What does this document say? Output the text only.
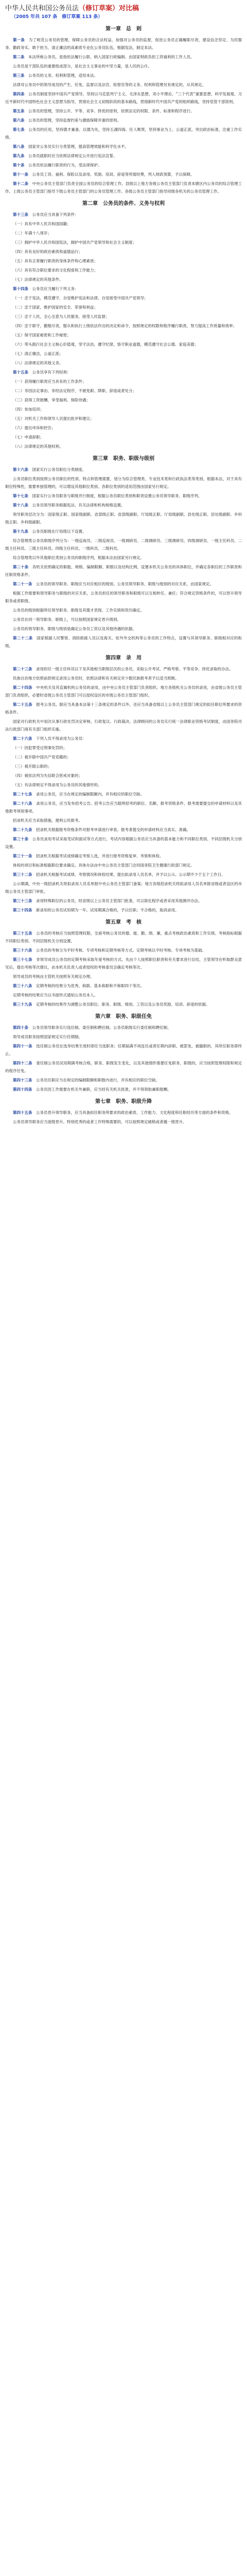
中华人民共和国公务员法（修订草案）对比稿
（2005 年共 107 条　修订草案 113 条）
第一章　总　则
第一条　为了规范公务员的管理，保障公务员的合法权益，加强对公务员的监督，促进公务员正确履职尽责，建设信念坚定、为民服务、勤政务实、敢于担当、清正廉洁的高素质专业化公务员队伍，根据宪法，制定本法。
第二条　本法所称公务员，是指依法履行公职、纳入国家行政编制、由国家财政负担工资福利的工作人员。
公务员是干部队伍的重要组成部分，是社会主义事业的中坚力量，是人民的公仆。
第三条　公务员的义务、权利和管理，适用本法。
法律对公务员中的领导成员的产生、任免、监督以及法官、检察官等的义务、权利和管理另有规定的，从其规定。
第四条　公务员制度坚持中国共产党领导，坚持以马克思列宁主义、毛泽东思想、邓小平理论、“三个代表”重要思想、科学发展观、习近平新时代中国特色社会主义思想为指导，贯彻社会主义初级阶段的基本路线，贯彻新时代中国共产党的组织路线，坚持党管干部原则。
第五条　公务员的管理，坚持公开、平等、竞争、择优的原则，依照法定的权限、条件、标准和程序进行。
第六条　公务员的管理，坚持监督约束与激励保障并重的原则。
第七条　公务员的任用，坚持德才兼备、以德为先，坚持五湖四海、任人唯贤，坚持事业为上、公道正派，突出政治标准，注重工作实绩。
第八条　国家对公务员实行分类管理，提高管理效能和科学化水平。
第九条　公务员就职时应当依照法律规定公开进行宪法宣誓。
第十条　公务员依法履行职责的行为，受法律保护。
第十一条　公务员工资、福利、保险以及录用、奖励、培训、辞退等所需经费，列入财政预算，予以保障。
第十二条　中央公务员主管部门负责全国公务员的综合管理工作。县级以上地方各级公务员主管部门负责本辖区内公务员的综合管理工作。上级公务员主管部门指导下级公务员主管部门的公务员管理工作。各级公务员主管部门指导同级各机关的公务员管理工作。
第二章　公务员的条件、义务与权利
第十三条　公务员应当具备下列条件：
（一）具有中华人民共和国国籍；
（二）年满十八周岁；
（三）拥护中华人民共和国宪法，拥护中国共产党领导和社会主义制度；
（四）具有良好的政治素质和道德品行；
（五）具有正常履行职责的身体条件和心理素质；
（六）具有符合职位要求的文化程度和工作能力；
（七）法律规定的其他条件。
第十四条　公务员应当履行下列义务：
（一）忠于宪法，模范遵守、自觉维护宪法和法律，自觉接受中国共产党领导；
（二）忠于国家，维护国家的安全、荣誉和利益；
（三）忠于人民，全心全意为人民服务，接受人民监督；
（四）忠于职守，勤勉尽责，服从和执行上级依法作出的决定和命令，按照规定的权限和程序履行职责，努力提高工作质量和效率；
（五）保守国家秘密和工作秘密；
（六）带头践行社会主义核心价值观，坚守法治，遵守纪律，恪守职业道德，模范遵守社会公德、家庭美德；
（七）清正廉洁，公道正派；
（八）法律规定的其他义务。
第十五条　公务员享有下列权利：
（一）获得履行职责应当具有的工作条件；
（二）非因法定事由、非经法定程序，不被免职、降职、辞退或者处分；
（三）获得工资报酬，享受福利、保险待遇；
（四）参加培训；
（五）对机关工作和领导人员提出批评和建议；
（六）提出申诉和控告；
（七）申请辞职；
（八）法律规定的其他权利。
第三章　职务、职级与级别
第十六条　国家实行公务员职位分类制度。
公务员职位类别按照公务员职位的性质、特点和管理需要，划分为综合管理类、专业技术类和行政执法类等类别。根据本法，对于具有职位特殊性，需要单独管理的，可以增设其他职位类别。各职位类别的适用范围由国家另行规定。
第十七条　国家实行公务员职务与职级并行制度，根据公务员职位类别和职责设置公务员领导职务、职级序列。
第十八条　公务员领导职务根据宪法、有关法律和机构规格设置。
领导职务层次分为：国家级正职、国家级副职、省部级正职、省部级副职、厅局级正职、厅局级副职、县处级正职、县处级副职、乡科级正职、乡科级副职。
第十九条　公务员职级在厅局级以下设置。
综合管理类公务员职级序列分为：一级巡视员、二级巡视员、一级调研员、二级调研员、三级调研员、四级调研员、一级主任科员、二级主任科员、三级主任科员、四级主任科员、一级科员、二级科员。
综合管理类以外其他职位类别公务员的职级序列，根据本法由国家另行规定。
第二十条　各机关依照确定的职能、规格、编制限额、职数以及结构比例，设置本机关公务员的具体职位，并确定各职位的工作职责和任职资格条件。
第二十一条　公务员的领导职务、职级应当对应相应的级别。公务员领导职务、职级与级别的对应关系，由国家规定。
根据工作需要和领导职务与职级的对应关系，公务员担任的领导职务和职级可以互相转任、兼任；符合规定资格条件的，可以晋升领导职务或者职级。
公务员的级别根据所任领导职务、职级及其德才表现、工作实绩和资历确定。
公务员在同一领导职务、职级上，可以按照国家规定晋升级别。
公务员的领导职务、职级与级别是确定公务员工资以及其他待遇的依据。
第二十二条　国家根据人民警察、消防救援人员以及海关、驻外外交机构等公务员的工作特点，设置与其领导职务、职级相对应的衔级。
第四章　录　用
第二十三条　录用担任一级主任科员以下及其他相当职级层次的公务员，采取公开考试、严格考察、平等竞争、择优录取的办法。
民族自治地方依照前款规定录用公务员时，依照法律和有关规定对少数民族报考者予以适当照顾。
第二十四条　中央机关及其直属机构公务员的录用，由中央公务员主管部门负责组织。地方各级机关公务员的录用，由省级公务员主管部门负责组织，必要时省级公务员主管部门可以授权设区的市级公务员主管部门组织。
第二十五条　报考公务员，除应当具备本法第十三条规定的条件以外，还应当具备省级以上公务员主管部门规定的拟任职位所要求的资格条件。
国家对行政机关中初次从事行政处罚决定审核、行政复议、行政裁决、法律顾问的公务员实行统一法律职业资格考试制度，由国务院司法行政部门商有关部门组织实施。
第二十六条　下列人员不得录用为公务员：
（一）因犯罪受过刑事处罚的；
（二）被开除中国共产党党籍的；
（三）被开除公职的；
（四）被依法列为失信联合惩戒对象的；
（五）有法律规定不得录用为公务员的其他情形的。
第二十七条　录用公务员，应当在规定的编制限额内，并有相应的职位空缺。
第二十八条　录用公务员，应当发布招考公告。招考公告应当载明招考的职位、名额、报考资格条件、报考需要提交的申请材料以及其他报考须知事项。
招录机关应当采取措施，便利公民报考。
第二十九条　招录机关根据报考资格条件对报考申请进行审查。报考者提交的申请材料应当真实、准确。
第三十条　公务员录用考试采取笔试和面试等方式进行，考试内容根据公务员应当具备的基本能力和不同职位类别、不同层级机关分别设置。
第三十一条　招录机关根据考试成绩确定考察人选，并进行报考资格复审、考察和体检。
体检的项目和标准根据职位要求确定。具体办法由中央公务员主管部门会同国务院卫生健康行政部门规定。
第三十二条　招录机关根据考试成绩、考察情况和体检结果，提出拟录用人员名单，并予以公示。公示期不少于五个工作日。
公示期满，中央一级招录机关将拟录用人员名单报中央公务员主管部门备案；地方各级招录机关将拟录用人员名单报省级或者设区的市级公务员主管部门审批。
第三十三条　录用特殊职位的公务员，经省级以上公务员主管部门批准，可以简化程序或者采用其他测评办法。
第三十四条　新录用的公务员试用期为一年。试用期满合格的，予以任职；不合格的，取消录用。
第五章　考　核
第三十五条　公务员的考核应当按照管理权限，全面考核公务员的德、能、勤、绩、廉，重点考核政治素质和工作实绩。考核指标根据不同职位类别、不同层级机关分别设置。
第三十六条　公务员的考核分为平时考核、专项考核和定期考核等方式。定期考核以平时考核、专项考核为基础。
第三十七条　非领导成员公务员的定期考核采取年度考核的方式。先由个人按照职位职责和有关要求进行总结，主管领导在听取群众意见后，提出考核等次建议，由本机关负责人或者授权的考核委员会确定考核等次。
领导成员的考核由主管机关按照有关规定办理。
第三十八条　定期考核的结果分为优秀、称职、基本称职和不称职四个等次。
定期考核的结果应当以书面形式通知公务员本人。
第三十九条　定期考核的结果作为调整公务员职位、职务、职级、级别、工资以及公务员奖励、培训、辞退的依据。
第六章　职务、职级任免
第四十条　公务员领导职务实行选任制、委任制和聘任制。公务员职级实行委任制和聘任制。
领导成员职务按照国家规定实行任期制。
第四十一条　选任制公务员在选举结果生效时即任当选职务；任期届满不再连任或者任期内辞职、被罢免、被撤职的，其所任职务即终止。
第四十二条　委任制公务员试用期满考核合格，职务、职级发生变化，以及其他情形需要任免职务、职级的，应当按照管理权限和规定的程序任免。
第四十三条　公务员任职应当在规定的编制限额和职数内进行，并有相应的职位空缺。
第四十四条　公务员因工作需要在机关外兼职，应当经有关机关批准，并不得领取兼职报酬。
第七章　职务、职级升降
第四十五条　公务员晋升领导职务，应当具备拟任职务所要求的政治素质、工作能力、文化程度和任职经历等方面的条件和资格。
公务员领导职务应当逐级晋升。特别优秀的或者工作特殊需要的，可以按照规定破格或者越一级晋升。
